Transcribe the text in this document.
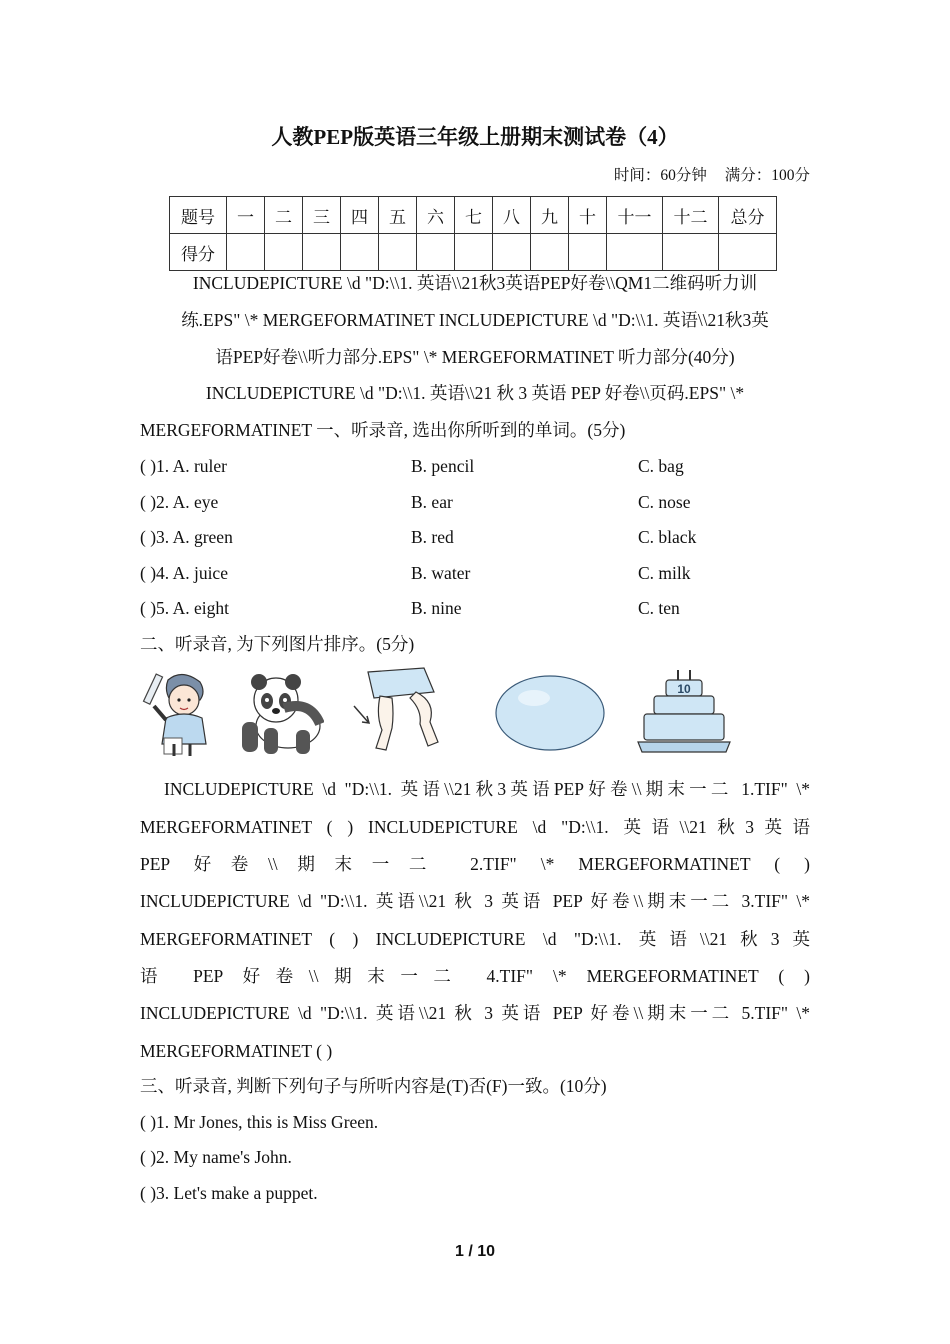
人教PEP版英语三年级上册期末测试卷（4）
时间：60分钟 满分：100分
题号	一	二	三	四	五	六	七	八	九	十	十一	十二	总分
得分													
INCLUDEPICTURE \d "D:\\1. 英语\\21秋3英语PEP好卷\\QM1二维码听力训
练.EPS" \* MERGEFORMATINET INCLUDEPICTURE \d "D:\\1. 英语\\21秋3英
语PEP好卷\\听力部分.EPS" \* MERGEFORMATINET 听力部分(40分)
INCLUDEPICTURE \d "D:\\1. 英语\\21 秋 3 英语 PEP 好卷\\页码.EPS" \*
MERGEFORMATINET 一、听录音, 选出你所听到的单词。(5分)
( )1. A. ruler	B. pencil	C. bag
( )2. A. eye	B. ear	C. nose
( )3. A. green	B. red	C. black
( )4. A. juice	B. water	C. milk
( )5. A. eight	B. nine	C. ten
二、听录音, 为下列图片排序。(5分)
10
INCLUDEPICTURE \d "D:\\1. 英语\\21秋3英语PEP好卷\\期末一二 1.TIF" \*
MERGEFORMATINET ( ) INCLUDEPICTURE \d "D:\\1. 英语\\21秋3英语
PEP 好卷\\期末一二 2.TIF" \* MERGEFORMATINET ( )
INCLUDEPICTURE \d "D:\\1. 英语\\21 秋 3 英语 PEP 好卷\\期末一二 3.TIF" \*
MERGEFORMATINET ( ) INCLUDEPICTURE \d "D:\\1. 英语\\21秋3英
语 PEP 好卷\\期末一二 4.TIF" \* MERGEFORMATINET ( )
INCLUDEPICTURE \d "D:\\1. 英语\\21 秋 3 英语 PEP 好卷\\期末一二 5.TIF" \*
MERGEFORMATINET ( )
三、听录音, 判断下列句子与所听内容是(T)否(F)一致。(10分)
( )1. Mr Jones, this is Miss Green.
( )2. My name's John.
( )3. Let's make a puppet.
1 / 10
